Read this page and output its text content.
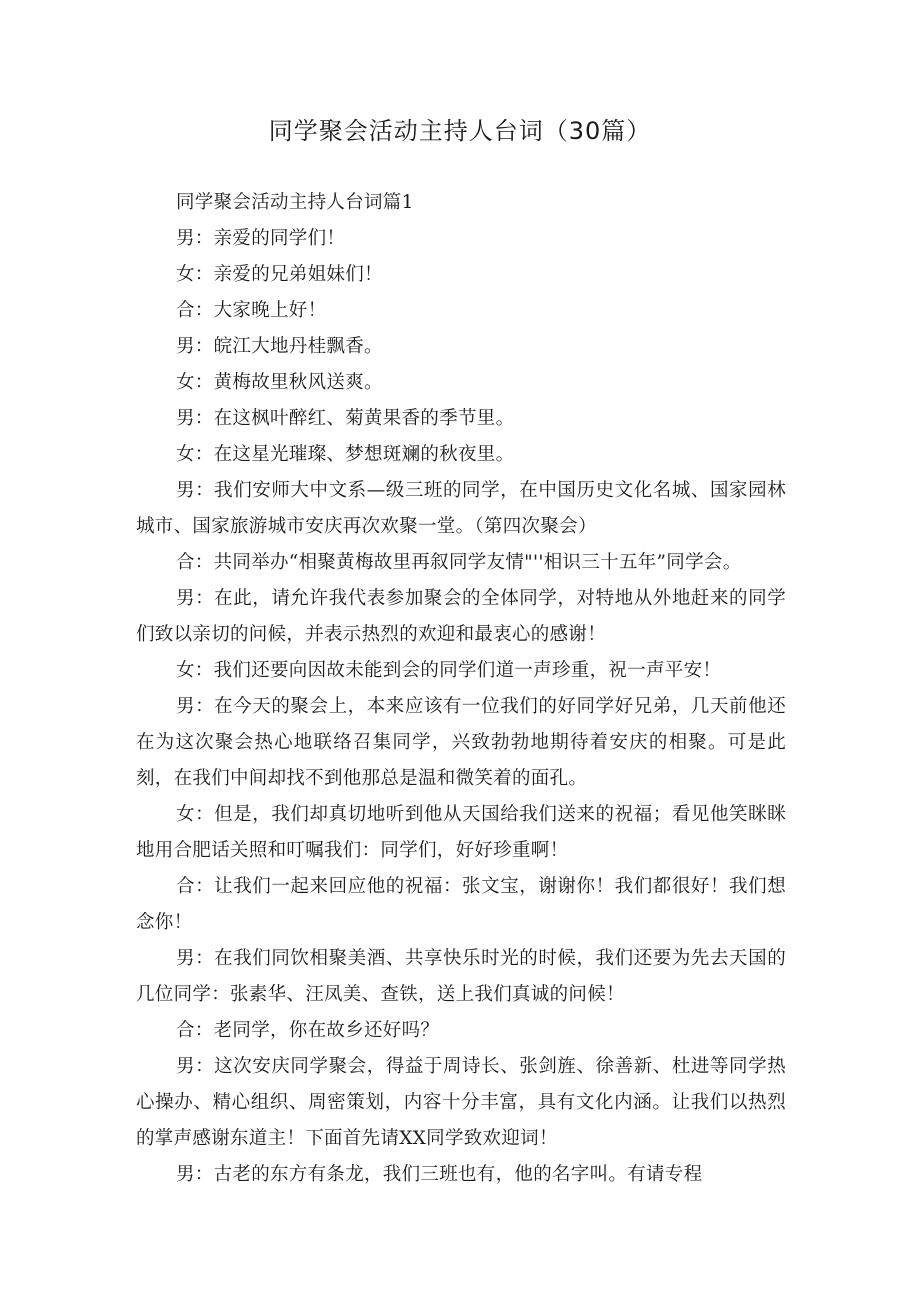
同学聚会活动主持人台词（30篇）

同学聚会活动主持人台词篇1

男：亲爱的同学们！

女：亲爱的兄弟姐妹们！

合：大家晚上好！

男：皖江大地丹桂飘香。

女：黄梅故里秋风送爽。

男：在这枫叶醉红、菊黄果香的季节里。

女：在这星光璀璨、梦想斑斓的秋夜里。

男：我们安师大中文系—级三班的同学，在中国历史文化名城、国家园林城市、国家旅游城市安庆再次欢聚一堂。（第四次聚会）

合：共同举办“相聚黄梅故里再叙同学友情"''相识三十五年”同学会。

男：在此，请允许我代表参加聚会的全体同学，对特地从外地赶来的同学们致以亲切的问候，并表示热烈的欢迎和最衷心的感谢！

女：我们还要向因故未能到会的同学们道一声珍重，祝一声平安！

男：在今天的聚会上，本来应该有一位我们的好同学好兄弟，几天前他还在为这次聚会热心地联络召集同学，兴致勃勃地期待着安庆的相聚。可是此刻，在我们中间却找不到他那总是温和微笑着的面孔。

女：但是，我们却真切地听到他从天国给我们送来的祝福；看见他笑眯眯地用合肥话关照和叮嘱我们：同学们，好好珍重啊！

合：让我们一起来回应他的祝福：张文宝，谢谢你！我们都很好！我们想念你！

男：在我们同饮相聚美酒、共享快乐时光的时候，我们还要为先去天国的几位同学：张素华、汪凤美、查铁，送上我们真诚的问候！

合：老同学，你在故乡还好吗？

男：这次安庆同学聚会，得益于周诗长、张剑旌、徐善新、杜进等同学热心操办、精心组织、周密策划，内容十分丰富，具有文化内涵。让我们以热烈的掌声感谢东道主！下面首先请XX同学致欢迎词！

男：古老的东方有条龙，我们三班也有，他的名字叫。有请专程
